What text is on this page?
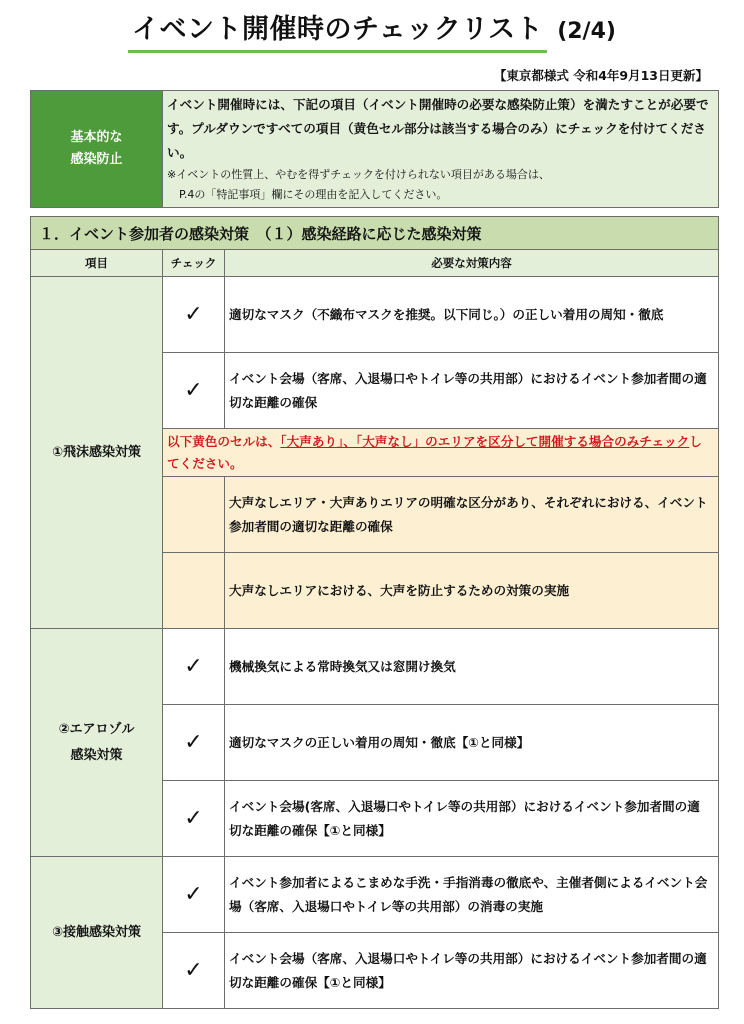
イベント開催時のチェックリスト (2/4)
【東京都様式 令和4年9月13日更新】
基本的な
感染防止
	イベント開催時には、下記の項目（イベント開催時の必要な感染防止策）を満たすことが必要です。プルダウンですべての項目（黄色セル部分は該当する場合のみ）にチェックを付けてください。
※イベントの性質上、やむを得ずチェックを付けられない項目がある場合は、
P.4の「特記事項」欄にその理由を記入してください。
１．イベント参加者の感染対策　（１）感染経路に応じた感染対策		
項目	チェック	必要な対策内容
①飛沫感染対策	✓	適切なマスク（不織布マスクを推奨。以下同じ。）の正しい着用の周知・徹底
	✓	イベント会場（客席、入退場口やトイレ等の共用部）におけるイベント参加者間の適切な距離の確保
	以下黄色のセルは、「大声あり」、「大声なし」のエリアを区分して開催する場合のみチェックしてください。	
		大声なしエリア・大声ありエリアの明確な区分があり、それぞれにおける、イベント参加者間の適切な距離の確保
		大声なしエリアにおける、大声を防止するための対策の実施

②エアロゾル
感染対策	✓	機械換気による常時換気又は窓開け換気
	✓	適切なマスクの正しい着用の周知・徹底【①と同様】
	✓	イベント会場(客席、入退場口やトイレ等の共用部）におけるイベント参加者間の適切な距離の確保【①と同様】
③接触感染対策	✓	イベント参加者によるこまめな手洗・手指消毒の徹底や、主催者側によるイベント会場（客席、入退場口やトイレ等の共用部）の消毒の実施
	✓	イベント会場（客席、入退場口やトイレ等の共用部）におけるイベント参加者間の適切な距離の確保【①と同様】
